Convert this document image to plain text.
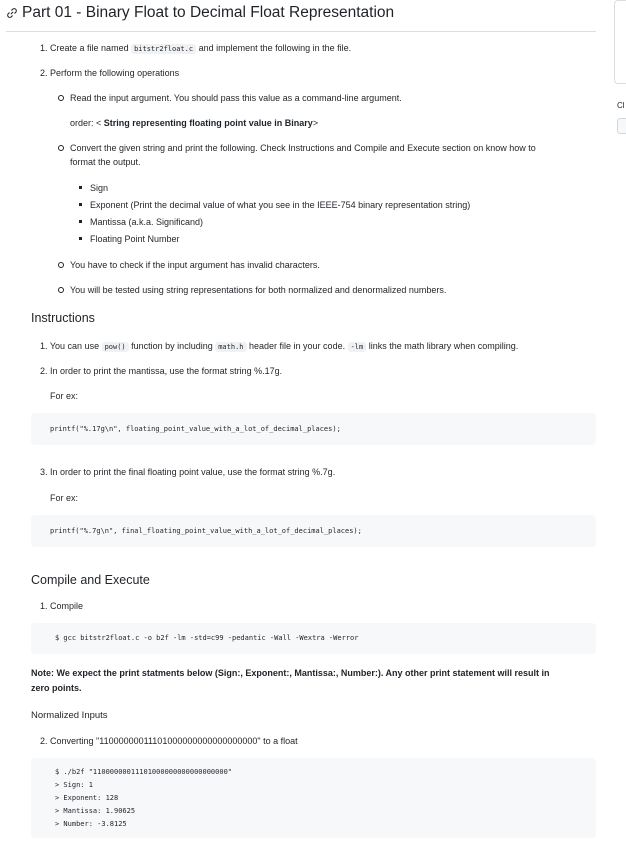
Part 01 - Binary Float to Decimal Float Representation
1. Create a file named bitstr2float.c and implement the following in the file.
2. Perform the following operations
Read the input argument. You should pass this value as a command-line argument.
order: < String representing floating point value in Binary>
Convert the given string and print the following. Check Instructions and Compile and Execute section on know how to
format the output.
Sign
Exponent (Print the decimal value of what you see in the IEEE-754 binary representation string)
Mantissa (a.k.a. Significand)
Floating Point Number
You have to check if the input argument has invalid characters.
You will be tested using string representations for both normalized and denormalized numbers.
Instructions
1. You can use pow() function by including math.h header file in your code. -lm links the math library when compiling.
2. In order to print the mantissa, use the format string %.17g.
For ex:
printf("%.17g\n", floating_point_value_with_a_lot_of_decimal_places);
3. In order to print the final floating point value, use the format string %.7g.
For ex:
printf("%.7g\n", final_floating_point_value_with_a_lot_of_decimal_places);
Compile and Execute
1. Compile
$ gcc bitstr2float.c -o b2f -lm -std=c99 -pedantic -Wall -Wextra -Werror
Note: We expect the print statments below (Sign:, Exponent:, Mantissa:, Number:). Any other print statement will result in
zero points.
Normalized Inputs
2. Converting "11000000011101000000000000000000" to a float
$ ./b2f "11000000011101000000000000000000"
> Sign: 1
> Exponent: 128
> Mantissa: 1.90625
> Number: -3.8125
Cl
